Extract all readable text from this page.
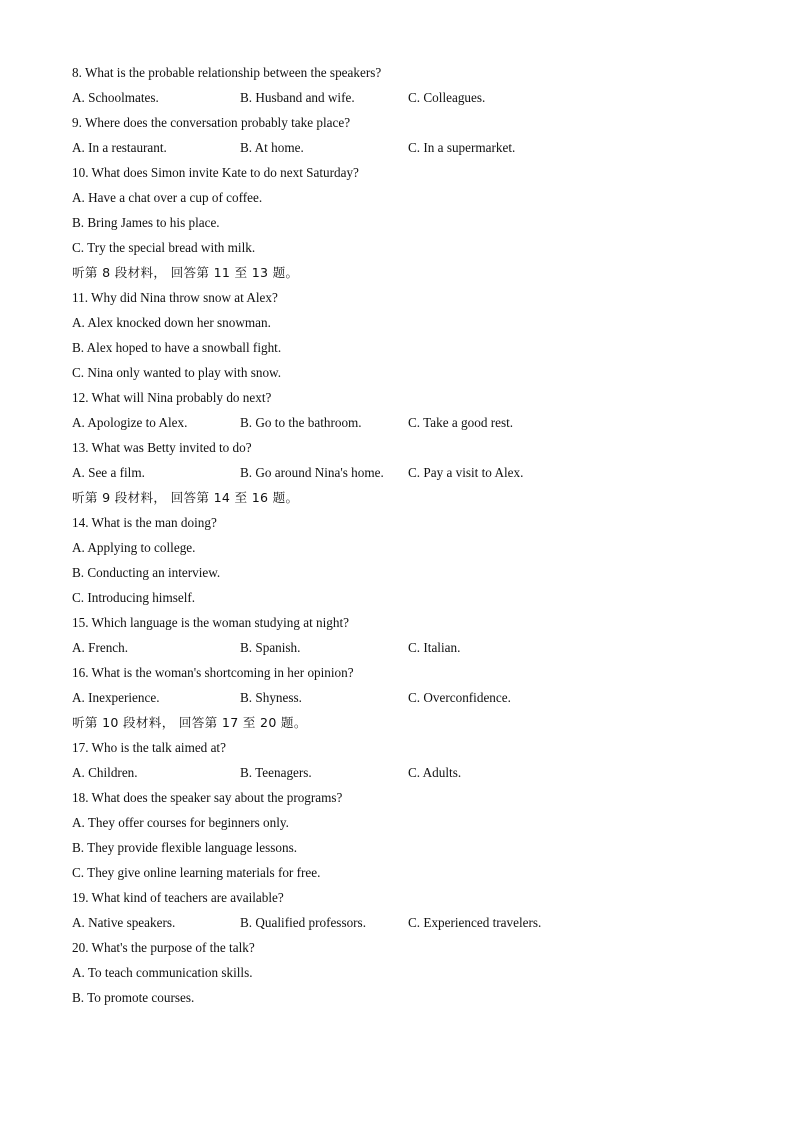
8. What is the probable relationship between the speakers?
A. Schoolmates.	B. Husband and wife.	C. Colleagues.
9. Where does the conversation probably take place?
A. In a restaurant.	B. At home.	C. In a supermarket.
10. What does Simon invite Kate to do next Saturday?
A. Have a chat over a cup of coffee.
B. Bring James to his place.
C. Try the special bread with milk.
听第 8 段材料， 回答第 11 至 13 题。
11. Why did Nina throw snow at Alex?
A. Alex knocked down her snowman.
B. Alex hoped to have a snowball fight.
C. Nina only wanted to play with snow.
12. What will Nina probably do next?
A. Apologize to Alex.	B. Go to the bathroom.	C. Take a good rest.
13. What was Betty invited to do?
A. See a film.	B. Go around Nina's home.	C. Pay a visit to Alex.
听第 9 段材料， 回答第 14 至 16 题。
14. What is the man doing?
A. Applying to college.
B. Conducting an interview.
C. Introducing himself.
15. Which language is the woman studying at night?
A. French.	B. Spanish.	C. Italian.
16. What is the woman's shortcoming in her opinion?
A. Inexperience.	B. Shyness.	C. Overconfidence.
听第 10 段材料， 回答第 17 至 20 题。
17. Who is the talk aimed at?
A. Children.	B. Teenagers.	C. Adults.
18. What does the speaker say about the programs?
A. They offer courses for beginners only.
B. They provide flexible language lessons.
C. They give online learning materials for free.
19. What kind of teachers are available?
A. Native speakers.	B. Qualified professors.	C. Experienced travelers.
20. What's the purpose of the talk?
A. To teach communication skills.
B. To promote courses.
